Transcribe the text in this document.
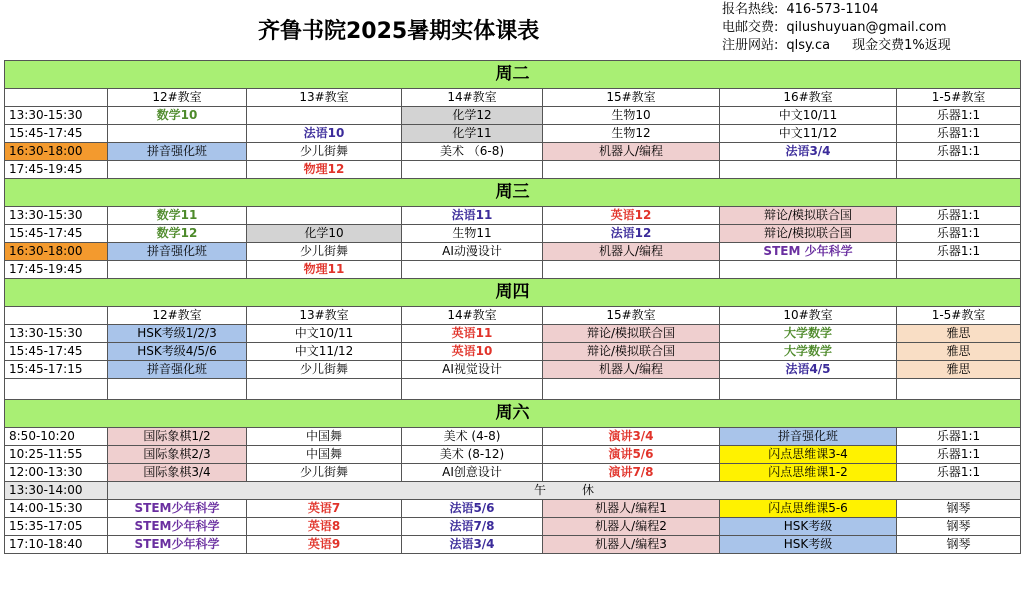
齐鲁书院2025暑期实体课表
报名热线: 416-573-1104
电邮交费: qilushuyuan@gmail.com
注册网站: qlsy.ca 现金交费1%返现
周二						
	12#教室	13#教室	14#教室	15#教室	16#教室	1-5#教室
13:30-15:30	数学10		化学12	生物10	中文10/11	乐器1:1
15:45-17:45		法语10	化学11	生物12	中文11/12	乐器1:1
16:30-18:00	拼音强化班	少儿街舞	美术 （6-8)	机器人/编程	法语3/4	乐器1:1
17:45-19:45		物理12				
周三						
13:30-15:30	数学11		法语11	英语12	辩论/模拟联合国	乐器1:1
15:45-17:45	数学12	化学10	生物11	法语12	辩论/模拟联合国	乐器1:1
16:30-18:00	拼音强化班	少儿街舞	AI动漫设计	机器人/编程	STEM 少年科学	乐器1:1
17:45-19:45		物理11				
周四						
	12#教室	13#教室	14#教室	15#教室	10#教室	1-5#教室
13:30-15:30	HSK考级1/2/3	中文10/11	英语11	辩论/模拟联合国	大学数学	雅思
15:45-17:45	HSK考级4/5/6	中文11/12	英语10	辩论/模拟联合国	大学数学	雅思
15:45-17:15	拼音强化班	少儿街舞	AI视觉设计	机器人/编程	法语4/5	雅思

周六						
8:50-10:20	国际象棋1/2	中国舞	美术 (4-8)	演讲3/4	拼音强化班	乐器1:1
10:25-11:55	国际象棋2/3	中国舞	美术 (8-12)	演讲5/6	闪点思维课3-4	乐器1:1
12:00-13:30	国际象棋3/4	少儿街舞	AI创意设计	演讲7/8	闪点思维课1-2	乐器1:1
13:30-14:00	午　　　休					
14:00-15:30	STEM少年科学	英语7	法语5/6	机器人/编程1	闪点思维课5-6	钢琴
15:35-17:05	STEM少年科学	英语8	法语7/8	机器人/编程2	HSK考级	钢琴
17:10-18:40	STEM少年科学	英语9	法语3/4	机器人/编程3	HSK考级	钢琴
